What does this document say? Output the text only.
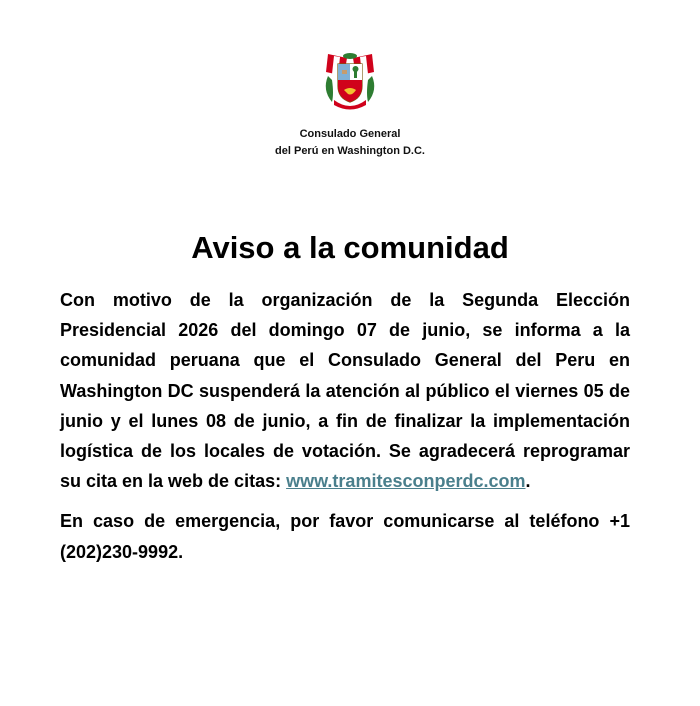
Consulado General
del Perú en Washington D.C.
Aviso a la comunidad

Con motivo de la organización de la Segunda Elección Presidencial 2026 del domingo 07 de junio, se informa a la comunidad peruana que el Consulado General del Peru en Washington DC suspenderá la atención al público el viernes 05 de junio y el lunes 08 de junio, a fin de finalizar la implementación logística de los locales de votación. Se agradecerá reprogramar su cita en la web de citas: www.tramitesconperdc.com.

En caso de emergencia, por favor comunicarse al teléfono +1 (202)230-9992.
